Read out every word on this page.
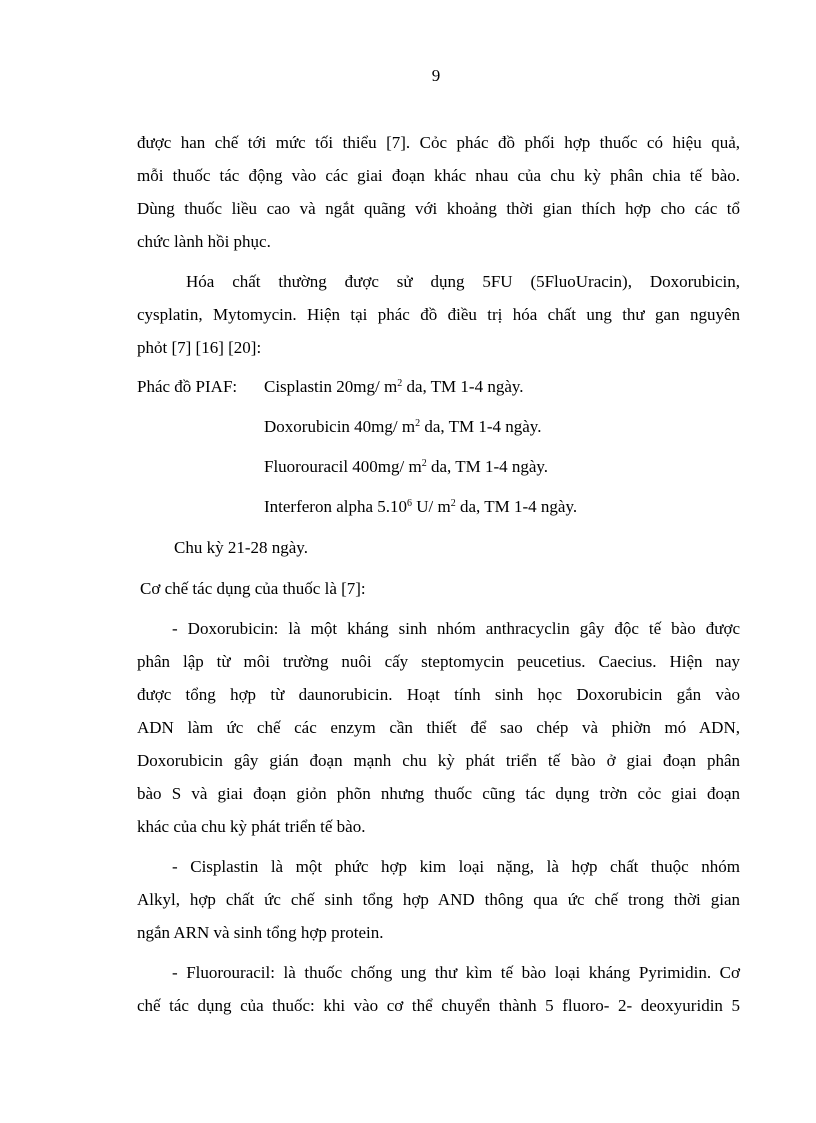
9
được han chế tới mức tối thiểu [7]. Cỏc phác đồ phối hợp thuốc có hiệu quả,
mỗi thuốc tác động vào các giai đoạn khác nhau của chu kỳ phân chia tế bào.
Dùng thuốc liều cao và ngắt quãng với khoảng thời gian thích hợp cho các tổ
chức lành hồi phục.
Hóa chất thường được sử dụng 5FU (5FluoUracin), Doxorubicin,
cysplatin, Mytomycin. Hiện tại phác đồ điều trị hóa chất ung thư gan nguyên
phỏt [7] [16] [20]:
Phác đồ PIAF: Cisplastin 20mg/ $m^2$ da, TM 1-4 ngày.
Doxorubicin 40mg/ $m^2$ da, TM 1-4 ngày.
Fluorouracil 400mg/ $m^2$ da, TM 1-4 ngày.
Interferon alpha 5.10$^6$ U/ $m^2$ da, TM 1-4 ngày.
Chu kỳ 21-28 ngày.
Cơ chế tác dụng của thuốc là [7]:
- Doxorubicin: là một kháng sinh nhóm anthracyclin gây độc tế bào được
phân lập từ môi trường nuôi cấy steptomycin peucetius. Caecius. Hiện nay
được tổng hợp từ daunorubicin. Hoạt tính sinh học Doxorubicin gắn vào
ADN làm ức chế các enzym cần thiết để sao chép và phiờn mó ADN,
Doxorubicin gây gián đoạn mạnh chu kỳ phát triển tế bào ở giai đoạn phân
bào S và giai đoạn giỏn phõn nhưng thuốc cũng tác dụng trờn cỏc giai đoạn
khác của chu kỳ phát triển tế bào.
- Cisplastin là một phức hợp kim loại nặng, là hợp chất thuộc nhóm
Alkyl, hợp chất ức chế sinh tổng hợp AND thông qua ức chế trong thời gian
ngắn ARN và sinh tổng hợp protein.
- Fluorouracil: là thuốc chống ung thư kìm tế bào loại kháng Pyrimidin. Cơ
chế tác dụng của thuốc: khi vào cơ thể chuyển thành 5 fluoro- 2- deoxyuridin 5
